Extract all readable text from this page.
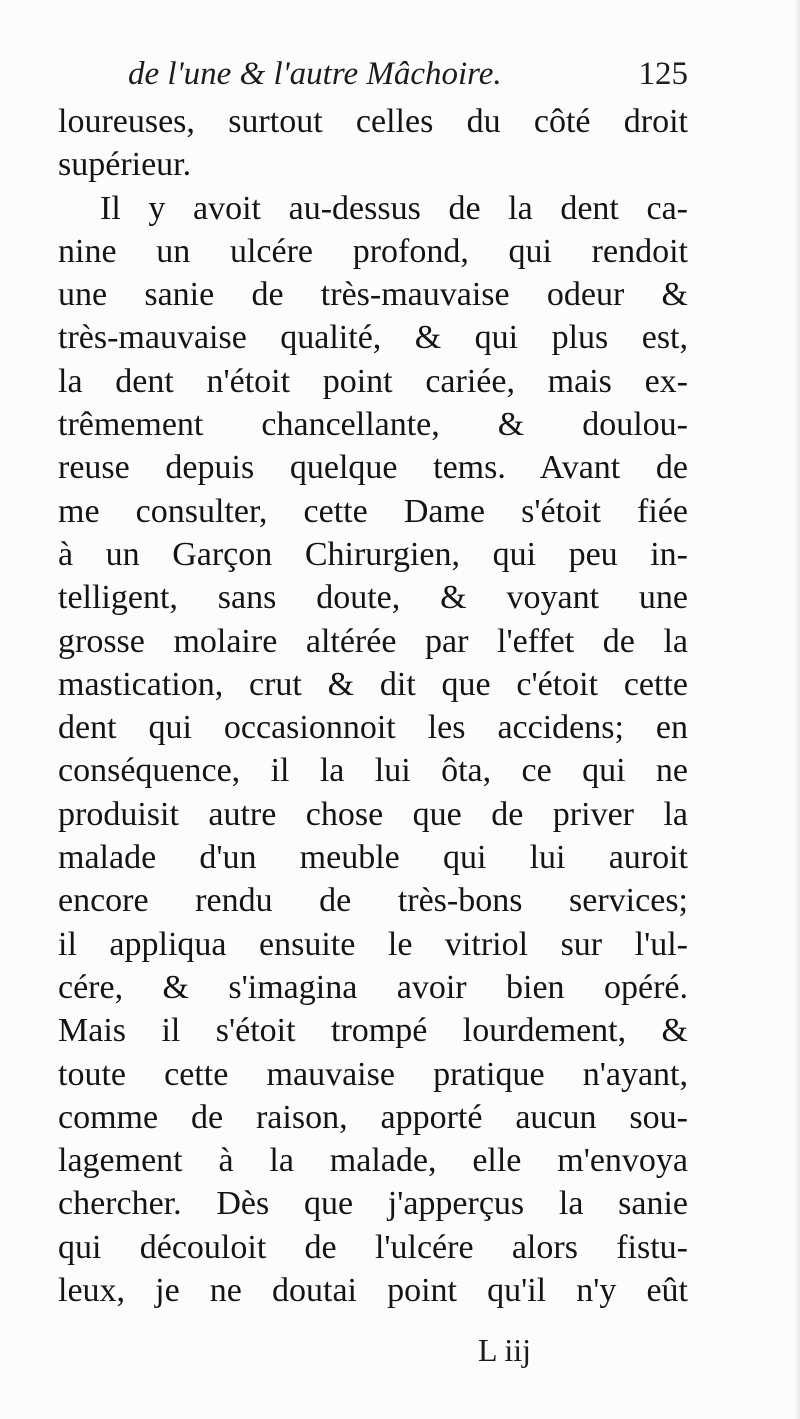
de l'une & l'autre Mâchoire.	125
loureuses, surtout celles du côté droit
supérieur.
Il y avoit au-dessus de la dent ca-
nine un ulcére profond, qui rendoit
une sanie de très-mauvaise odeur &
très-mauvaise qualité, & qui plus est,
la dent n'étoit point cariée, mais ex-
trêmement chancellante, & doulou-
reuse depuis quelque tems. Avant de
me consulter, cette Dame s'étoit fiée
à un Garçon Chirurgien, qui peu in-
telligent, sans doute, & voyant une
grosse molaire altérée par l'effet de la
mastication, crut & dit que c'étoit cette
dent qui occasionnoit les accidens; en
conséquence, il la lui ôta, ce qui ne
produisit autre chose que de priver la
malade d'un meuble qui lui auroit
encore rendu de très-bons services;
il appliqua ensuite le vitriol sur l'ul-
cére, & s'imagina avoir bien opéré.
Mais il s'étoit trompé lourdement, &
toute cette mauvaise pratique n'ayant,
comme de raison, apporté aucun sou-
lagement à la malade, elle m'envoya
chercher. Dès que j'apperçus la sanie
qui découloit de l'ulcére alors fistu-
leux, je ne doutai point qu'il n'y eût
L iij
